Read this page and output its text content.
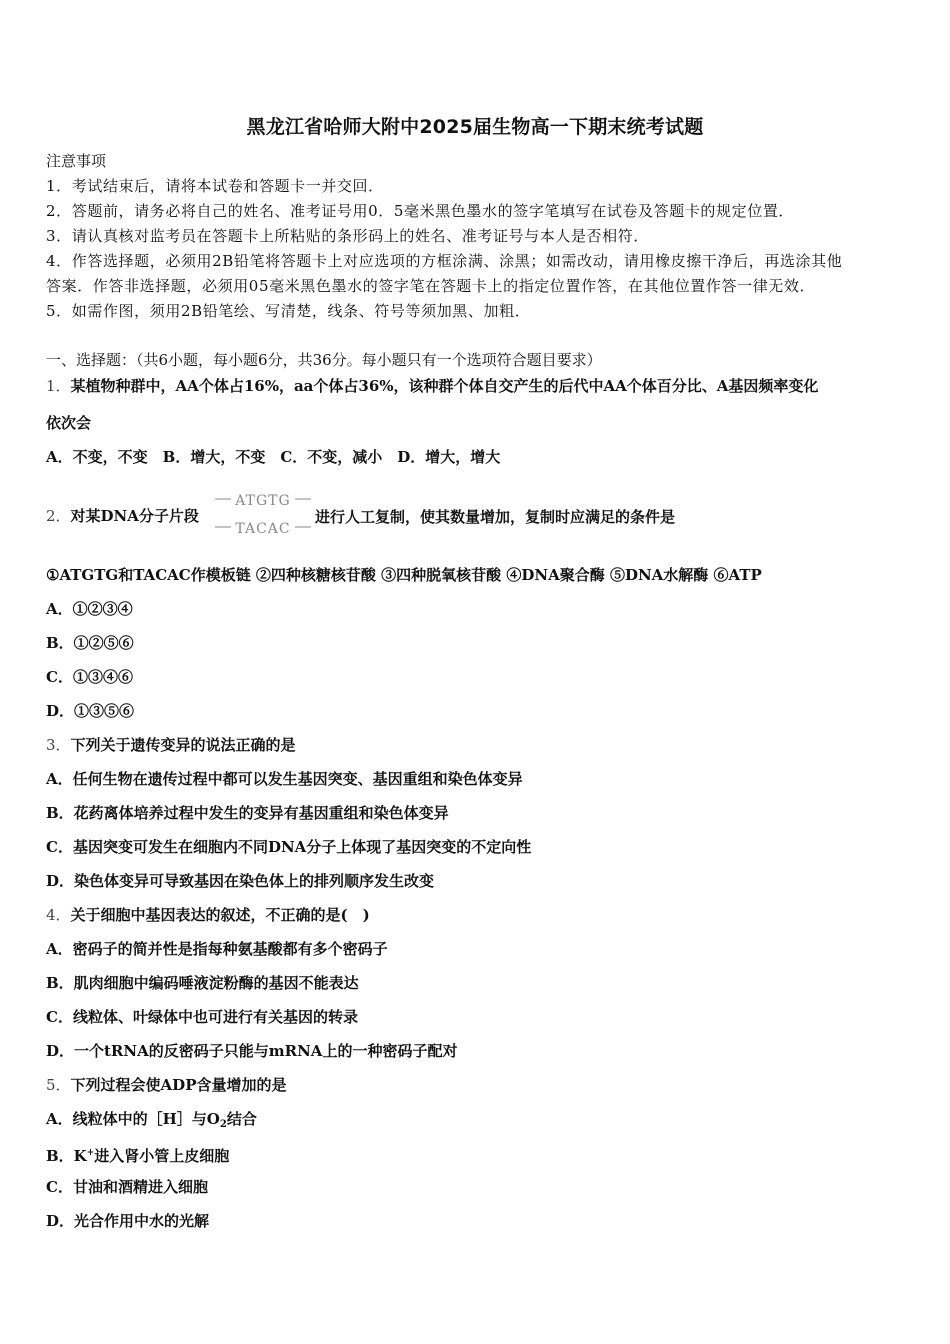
黑龙江省哈师大附中2025届生物高一下期末统考试题
注意事项
1．考试结束后，请将本试卷和答题卡一并交回．
2．答题前，请务必将自己的姓名、准考证号用0．5毫米黑色墨水的签字笔填写在试卷及答题卡的规定位置．
3．请认真核对监考员在答题卡上所粘贴的条形码上的姓名、准考证号与本人是否相符．
4．作答选择题，必须用2B铅笔将答题卡上对应选项的方框涂满、涂黑；如需改动，请用橡皮擦干净后，再选涂其他
答案．作答非选择题，必须用05毫米黑色墨水的签字笔在答题卡上的指定位置作答，在其他位置作答一律无效．
5．如需作图，须用2B铅笔绘、写清楚，线条、符号等须加黑、加粗．
一、选择题：（共6小题，每小题6分，共36分。每小题只有一个选项符合题目要求）
1．某植物种群中，AA个体占16%，aa个体占36%，该种群个体自交产生的后代中AA个体百分比、A基因频率变化
依次会
A．不变，不变　B．增大，不变　C．不变，减小　D．增大，增大
2．对某DNA分子片段
ATGTG
TACAC
进行人工复制，使其数量增加，复制时应满足的条件是
①ATGTG和TACAC作模板链 ②四种核糖核苷酸 ③四种脱氧核苷酸 ④DNA聚合酶 ⑤DNA水解酶 ⑥ATP
A．①②③④
B．①②⑤⑥
C．①③④⑥
D．①③⑤⑥
3．下列关于遗传变异的说法正确的是
A．任何生物在遗传过程中都可以发生基因突变、基因重组和染色体变异
B．花药离体培养过程中发生的变异有基因重组和染色体变异
C．基因突变可发生在细胞内不同DNA分子上体现了基因突变的不定向性
D．染色体变异可导致基因在染色体上的排列顺序发生改变
4．关于细胞中基因表达的叙述，不正确的是(　)
A．密码子的简并性是指每种氨基酸都有多个密码子
B．肌肉细胞中编码唾液淀粉酶的基因不能表达
C．线粒体、叶绿体中也可进行有关基因的转录
D．一个tRNA的反密码子只能与mRNA上的一种密码子配对
5．下列过程会使ADP含量增加的是
A．线粒体中的［H］与$O_2$结合
B．K+进入肾小管上皮细胞
C．甘油和酒精进入细胞
D．光合作用中水的光解
